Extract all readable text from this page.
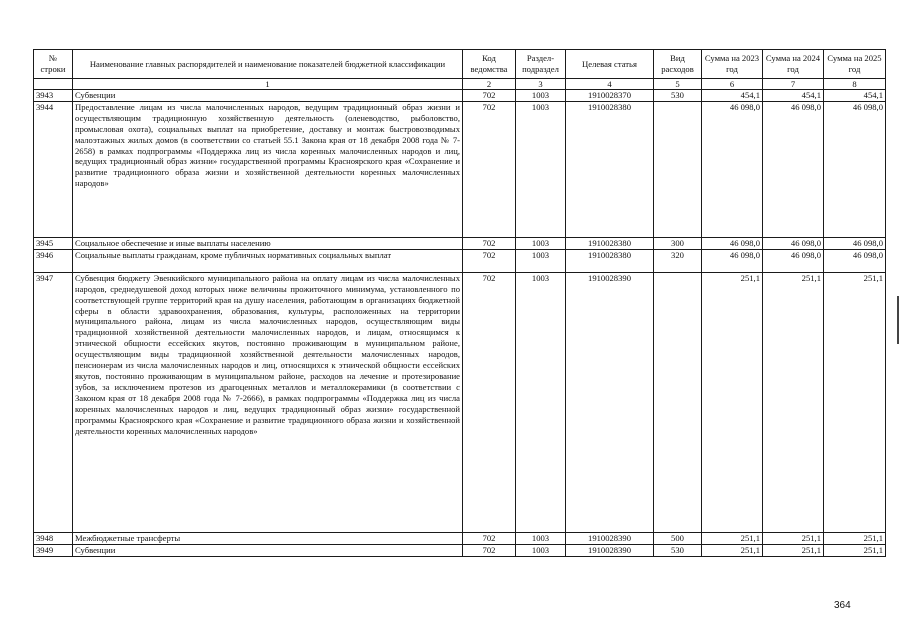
№ строки	Наименование главных распорядителей и наименование показателей бюджетной классификации	Код ведомства	Раздел-подраздел	Целевая статья	Вид расходов	Сумма на 2023 год	Сумма на 2024 год	Сумма на 2025 год
	1	2	3	4	5	6	7	8
3943	Субвенции	702	1003	1910028370	530	454,1	454,1	454,1
3944	Предоставление лицам из числа малочисленных народов, ведущим традиционный образ жизни и осуществляющим традиционную хозяйственную деятельность (оленеводство, рыболовство, промысловая охота), социальных выплат на приобретение, доставку и монтаж быстровозводимых малоэтажных жилых домов (в соответствии со статьей 55.1 Закона края от 18 декабря 2008 года № 7-2658) в рамках подпрограммы «Поддержка лиц из числа коренных малочисленных народов и лиц, ведущих традиционный образ жизни» государственной программы Красноярского края «Сохранение и развитие традиционного образа жизни и хозяйственной деятельности коренных малочисленных народов»	702	1003	1910028380		46 098,0	46 098,0	46 098,0
3945	Социальное обеспечение и иные выплаты населению	702	1003	1910028380	300	46 098,0	46 098,0	46 098,0
3946	Социальные выплаты гражданам, кроме публичных нормативных социальных выплат	702	1003	1910028380	320	46 098,0	46 098,0	46 098,0
3947	Субвенция бюджету Эвенкийского муниципального района на оплату лицам из числа малочисленных народов, среднедушевой доход которых ниже величины прожиточного минимума, установленного по соответствующей группе территорий края на душу населения, работающим в организациях бюджетной сферы в области здравоохранения, образования, культуры, расположенных на территории муниципального района, лицам из числа малочисленных народов, осуществляющим виды традиционной хозяйственной деятельности малочисленных народов, и лицам, относящимся к этнической общности ессейских якутов, постоянно проживающим в муниципальном районе, осуществляющим виды традиционной хозяйственной деятельности малочисленных народов, пенсионерам из числа малочисленных народов и лиц, относящихся к этнической общности ессейских якутов, постоянно проживающим в муниципальном районе, расходов на лечение и протезирование зубов, за исключением протезов из драгоценных металлов и металлокерамики (в соответствии с Законом края от 18 декабря 2008 года № 7-2666), в рамках подпрограммы «Поддержка лиц из числа коренных малочисленных народов и лиц, ведущих традиционный образ жизни» государственной программы Красноярского края «Сохранение и развитие традиционного образа жизни и хозяйственной деятельности коренных малочисленных народов»	702	1003	1910028390		251,1	251,1	251,1
3948	Межбюджетные трансферты	702	1003	1910028390	500	251,1	251,1	251,1
3949	Субвенции	702	1003	1910028390	530	251,1	251,1	251,1
364
